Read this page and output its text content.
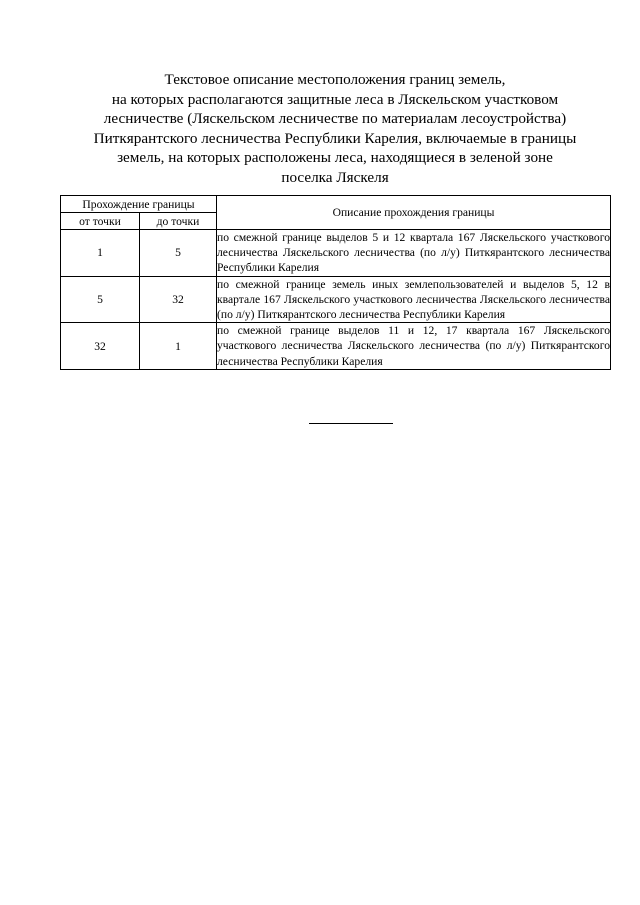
Текстовое описание местоположения границ земель,
на которых располагаются защитные леса в Ляскельском участковом
лесничестве (Ляскельском лесничестве по материалам лесоустройства)
Питкярантского лесничества Республики Карелия, включаемые в границы
земель, на которых расположены леса, находящиеся в зеленой зоне
поселка Ляскеля
Прохождение границы		Описание прохождения границы
от точки	до точки	
1	5	по смежной границе выделов 5 и 12 квартала 167 Ляскельского участкового лесничества Ляскельского лесничества (по л/у) Питкярантского лесничества Республики Карелия
5	32	по смежной границе земель иных землепользователей и выделов 5, 12 в квартале 167 Ляскельского участкового лесничества Ляскельского лесничества (по л/у) Питкярантского лесничества Республики Карелия
32	1	по смежной границе выделов 11 и 12, 17 квартала 167 Ляскельского участкового лесничества Ляскельского лесничества (по л/у) Питкярантского лесничества Республики Карелия
